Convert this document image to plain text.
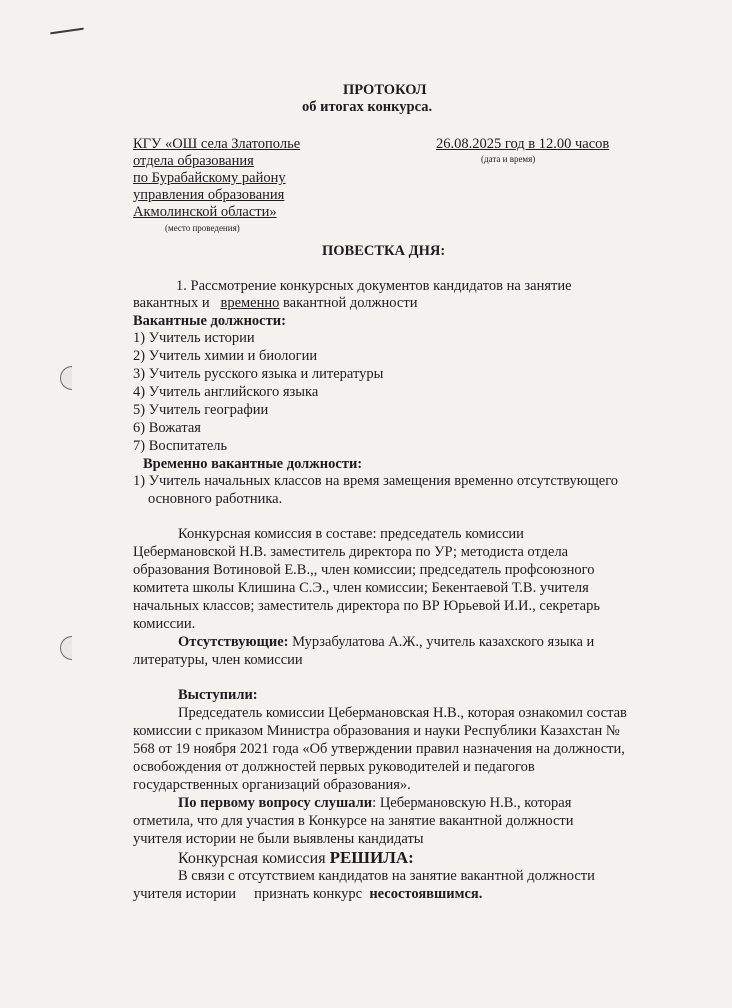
ПРОТОКОЛ
об итогах конкурса.
КГУ «ОШ села Златополье
отдела образования
по Бурабайскому району
управления образования
Акмолинской области»
(место проведения)
26.08.2025 год в 12.00 часов
(дата и время)
ПОВЕСТКА ДНЯ:
1. Рассмотрение конкурсных документов кандидатов на занятие
вакантных и   временно вакантной должности
Вакантные должности:
1) Учитель истории
2) Учитель химии и биологии
3) Учитель русского языка и литературы
4) Учитель английского языка
5) Учитель географии
6) Вожатая
7) Воспитатель
Временно вакантные должности:
1) Учитель начальных классов на время замещения временно отсутствующего
основного работника.
Конкурсная комиссия в составе: председатель комиссии
Цебермановской Н.В. заместитель директора по УР; методиста отдела
образования Вотиновой Е.В.,, член комиссии; председатель профсоюзного
комитета школы Клишина С.Э., член комиссии; Бекентаевой Т.В. учителя
начальных классов; заместитель директора по ВР Юрьевой И.И., секретарь
комиссии.
Отсутствующие: Мурзабулатова А.Ж., учитель казахского языка и
литературы, член комиссии
Выступили:
Председатель комиссии Цебермановская Н.В., которая ознакомил состав
комиссии с приказом Министра образования и науки Республики Казахстан №
568 от 19 ноября 2021 года «Об утверждении правил назначения на должности,
освобождения от должностей первых руководителей и педагогов
государственных организаций образования».
По первому вопросу слушали: Цебермановскую Н.В., которая
отметила, что для участия в Конкурсе на занятие вакантной должности
учителя истории не были выявлены кандидаты
Конкурсная комиссия РЕШИЛА:
В связи с отсутствием кандидатов на занятие вакантной должности
учителя истории     признать конкурс  несостоявшимся.
